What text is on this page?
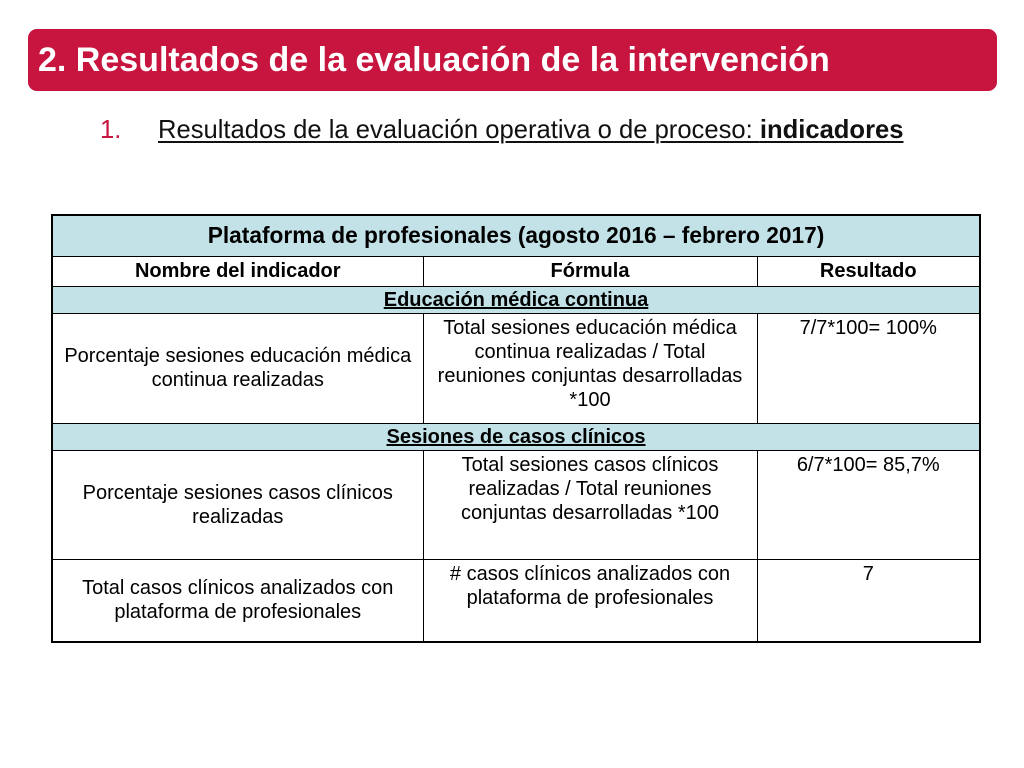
2. Resultados de la evaluación de la intervención
1. Resultados de la evaluación operativa o de proceso: indicadores
Plataforma de profesionales (agosto 2016 – febrero 2017)		
Nombre del indicador	Fórmula	Resultado
Educación médica continua		
Porcentaje sesiones educación médica continua realizadas	Total sesiones educación médica continua realizadas / Total reuniones conjuntas desarrolladas *100	7/7*100= 100%
Sesiones de casos clínicos		
Porcentaje sesiones casos clínicos realizadas	Total sesiones casos clínicos realizadas / Total reuniones conjuntas desarrolladas *100	6/7*100= 85,7%
Total casos clínicos analizados con plataforma de profesionales	# casos clínicos analizados con plataforma de profesionales	7
